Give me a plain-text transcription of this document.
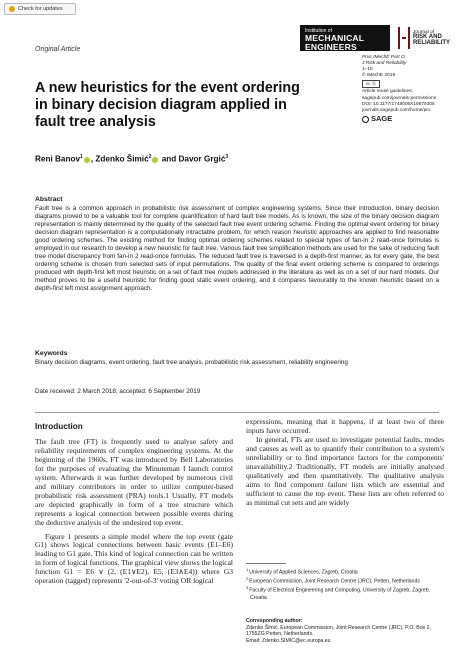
Check for updates
Original Article
Institution of
MECHANICAL
ENGINEERS
Journal of
RISK AND
RELIABILITY
A new heuristics for the event ordering in binary decision diagram applied in fault tree analysis
Proc IMechE Part O:
J Risk and Reliability
1–10
© IMechE 2019
cc ⓑ
Article reuse guidelines:
sagepub.com/journals-permissions
DOI: 10.1177/1748006X19879305
journals.sagepub.com/home/pio
SAGE
Reni Banov$^1$ , Zdenko Šimić$^2$ and Davor Grgić$^3$
Abstract

Fault tree is a common approach in probabilistic risk assessment of complex engineering systems. Since their introduction, binary decision diagrams proved to be a valuable tool for complete quantification of hard fault tree models. As is known, the size of the binary decision diagram representation is mainly determined by the quality of the selected fault tree event ordering scheme. Finding the optimal event ordering for binary decision diagram representation is a computationally intractable problem, for which reason heuristic approaches are applied to find reasonable good ordering schemes. The existing method for finding optimal ordering schemes related to special types of fan-in 2 read-once formulas is employed in our research to develop a new heuristic for fault tree. Various fault tree simplification methods are used for the sake of reducing fault tree model discrepancy from fan-in 2 read-once formulas. The reduced fault tree is traversed in a depth-first manner, as for every gate, the best ordering scheme is chosen from selected sets of input permutations. The quality of the final event ordering scheme is compared to orderings produced with depth-first left most heuristic on a set of fault tree models addressed in the literature as well as on a set of our hard models. Our method proves to be a useful heuristic for finding good static event ordering, and it compares favourably to the known heuristic based on a depth-first left most assignment approach.

Keywords

Binary decision diagrams, event ordering, fault tree analysis, probabilistic risk assessment, reliability engineering

Date received: 2 March 2018; accepted: 6 September 2019
Introduction

The fault tree (FT) is frequently used to analyse safety and reliability requirements of complex engineering systems. At the beginning of the 1960s, FT was introduced by Bell Laboratories for the purposes of evaluating the Minuteman I launch control system. Afterwards it was further developed by numerous civil and military contributors in order to utilize computer-based probabilistic risk assessment (PRA) tools.1 Usually, FT models are depicted graphically in form of a tree structure which represents a logical connection between possible events during the deductive analysis of the undesired top event.

Figure 1 presents a simple model where the top event (gate G1) shows logical connections between basic events (E1–E6) leading to G1 gate. This kind of logical connection can be written in form of logical functions. The graphical view shows the logical function G1 = E6 ∨ (2, (E1∨E2), E5, (E3∧E4)) where G3 operation (tagged) represents '2-out-of-3' voting OR logical

expressions, meaning that it happens, if at least two of three inputs have occurred.

In general, FTs are used to investigate potential faults, modes and causes as well as to quantify their contribution to a system's unreliability or to find importance factors for the components' unavailability.2 Traditionally, FT models are initially analysed qualitatively and then quantitatively. The qualitative analysis aims to find component failure lists which are essential and sufficient to cause the top event. These lists are often referred to as minimal cut sets and are widely

$^1$University of Applied Sciences, Zagreb, Croatia
$^2$European Commission, Joint Research Centre (JRC), Petten, Netherlands
$^3$Faculty of Electrical Engineering and Computing, University of Zagreb, Zagreb, Croatia
Corresponding author:
Zdenko Šimić, European Commission, Joint Research Centre (JRC), P.O. Box 2, 1755ZG Petten, Netherlands.
Email: Zdenko.SIMIC@ec.europa.eu
